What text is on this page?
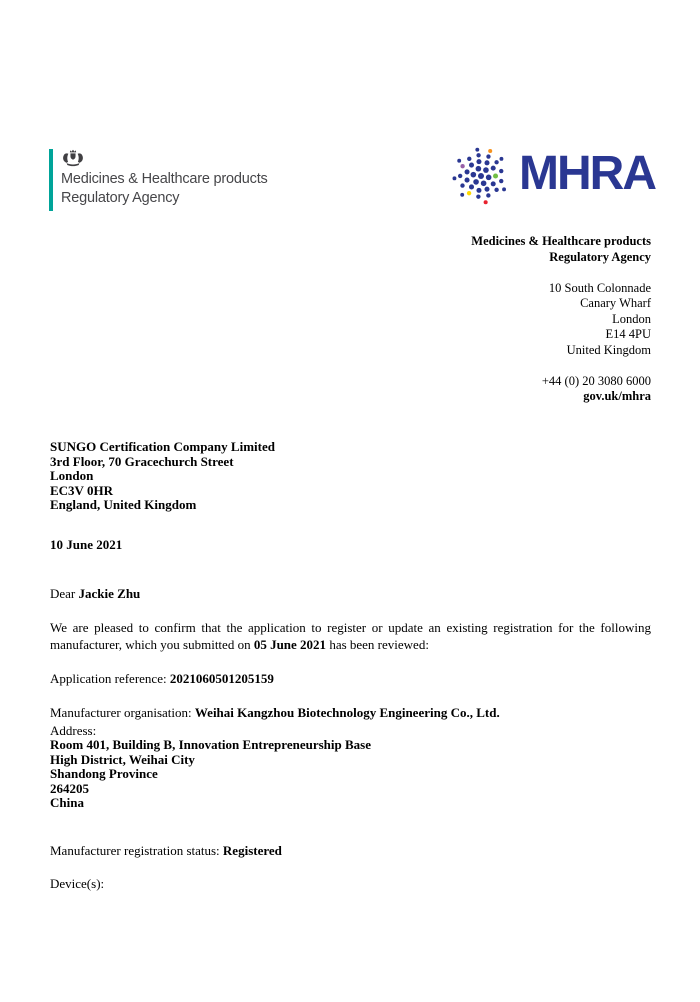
Medicines & Healthcare products
Regulatory Agency	MHRA
Medicines & Healthcare products
Regulatory Agency
10 South Colonnade
Canary Wharf
London
E14 4PU
United Kingdom
+44 (0) 20 3080 6000
gov.uk/mhra
SUNGO Certification Company Limited
3rd Floor, 70 Gracechurch Street
London
EC3V 0HR
England, United Kingdom
10 June 2021
Dear Jackie Zhu

We are pleased to confirm that the application to register or update an existing registration for the following manufacturer, which you submitted on 05 June 2021 has been reviewed:

Application reference: 2021060501205159
Manufacturer organisation: Weihai Kangzhou Biotechnology Engineering Co., Ltd.
Address:
Room 401, Building B, Innovation Entrepreneurship Base
High District, Weihai City
Shandong Province
264205
China
Manufacturer registration status: Registered
Device(s):
